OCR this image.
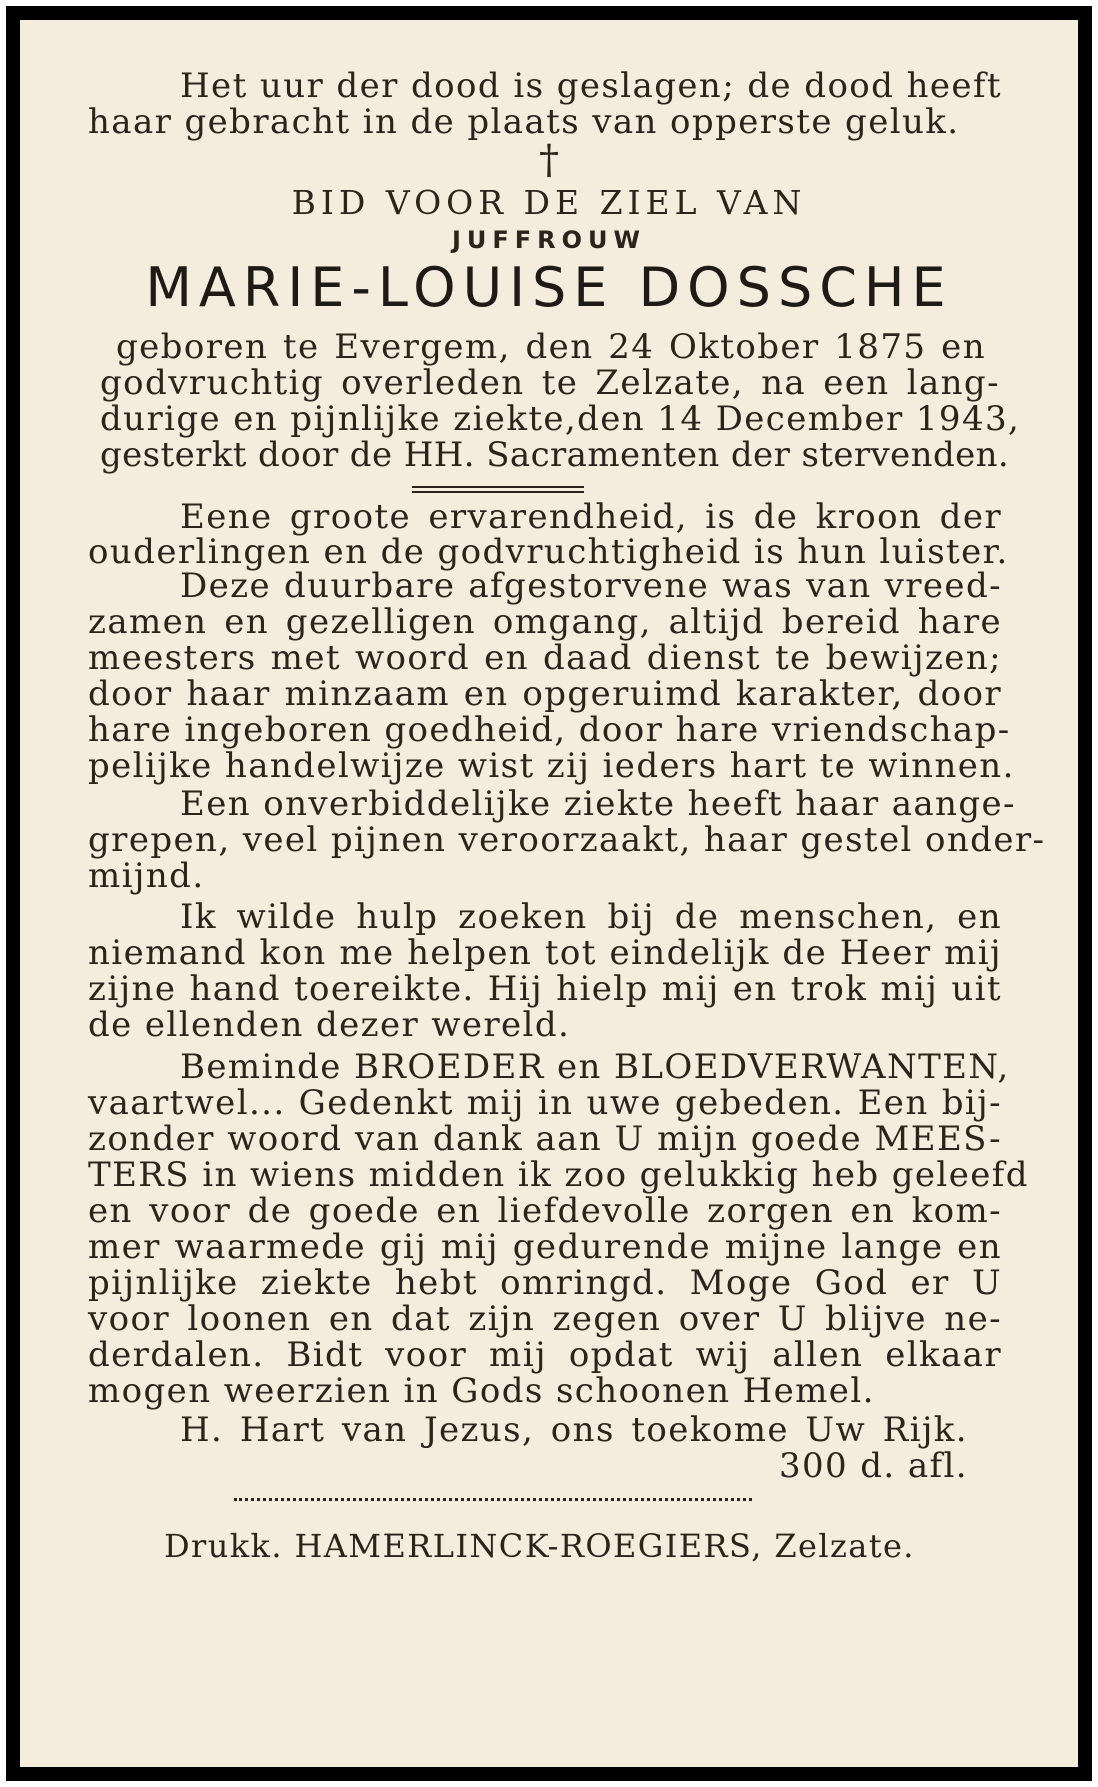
Het uur der dood is geslagen; de dood heeft
haar gebracht in de plaats van opperste geluk.
†
BID VOOR DE ZIEL VAN
JUFFROUW
MARIE-LOUISE DOSSCHE
geboren te Evergem, den 24 Oktober 1875 en
godvruchtig overleden te Zelzate, na een lang-
durige en pijnlijke ziekte,den 14 December 1943,
gesterkt door de HH. Sacramenten der stervenden.
Eene groote ervarendheid, is de kroon der
ouderlingen en de godvruchtigheid is hun luister.
Deze duurbare afgestorvene was van vreed-
zamen en gezelligen omgang, altijd bereid hare
meesters met woord en daad dienst te bewijzen;
door haar minzaam en opgeruimd karakter, door
hare ingeboren goedheid, door hare vriendschap-
pelijke handelwijze wist zij ieders hart te winnen.
Een onverbiddelijke ziekte heeft haar aange-
grepen, veel pijnen veroorzaakt, haar gestel onder-
mijnd.
Ik wilde hulp zoeken bij de menschen, en
niemand kon me helpen tot eindelijk de Heer mij
zijne hand toereikte. Hij hielp mij en trok mij uit
de ellenden dezer wereld.
Beminde BROEDER en BLOEDVERWANTEN,
vaartwel... Gedenkt mij in uwe gebeden. Een bij-
zonder woord van dank aan U mijn goede MEES-
TERS in wiens midden ik zoo gelukkig heb geleefd
en voor de goede en liefdevolle zorgen en kom-
mer waarmede gij mij gedurende mijne lange en
pijnlijke ziekte hebt omringd. Moge God er U
voor loonen en dat zijn zegen over U blijve ne-
derdalen. Bidt voor mij opdat wij allen elkaar
mogen weerzien in Gods schoonen Hemel.
H. Hart van Jezus, ons toekome Uw Rijk.
300 d. afl.
Drukk. HAMERLINCK-ROEGIERS, Zelzate.
